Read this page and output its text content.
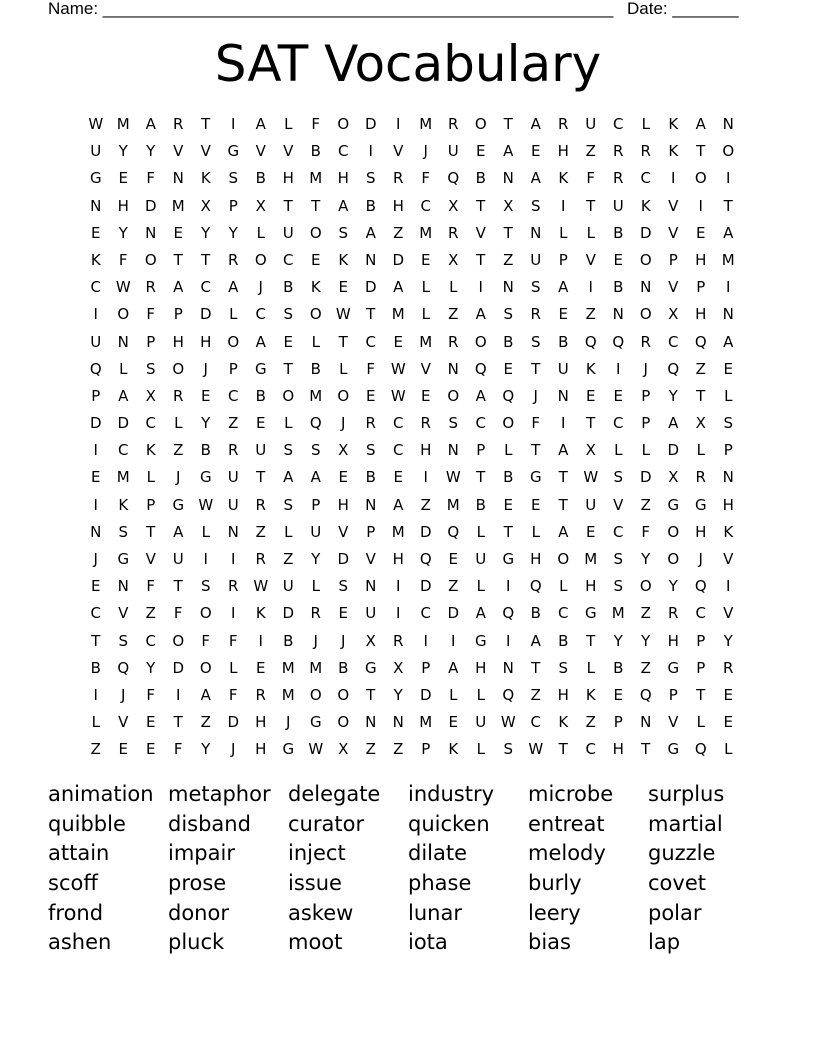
Name: ______________________________________________________ Date: _______
SAT Vocabulary
W M	A	R	T	I	A	L	F	O	D	I	M	R	O	T	A	R	U	C	L	K	A	N
U	Y	Y	V	V	G	V	V	B	C	I	V	J	U	E	A	E	H	Z	R	R	K	T	O
G	E	F	N	K	S	B	H	M	H	S	R	F	Q	B	N	A	K	F	R	C	I	O	I
N	H	D	M	X	P	X	T	T	A	B	H	C	X	T	X	S	I	T	U	K	V	I	T
E	Y	N	E	Y	Y	L	U	O	S	A	Z	M	R	V	T	N	L	L	B	D	V	E	A
K	F	O	T	T	R	O	C	E	K	N	D	E	X	T	Z	U	P	V	E	O	P	H	M
C W R	A	C	A	J	B	K	E	D	A	L	L	I	N	S	A	I	B	N	V	P	I
I	O	F	P	D	L	C	S	O W	T	M	L	Z	A	S	R	E	Z	N	O	X	H	N
U	N	P	H	H	O	A	E	L	T	C	E	M	R	O	B	S	B	Q	Q	R	C	Q	A
Q	L	S	O	J	P	G	T	B	L	F	W V	N	Q	E	T	U	K	I	J	Q	Z	E
P	A	X	R	E	C	B	O	M	O	E	W	E	O	A	Q	J	N	E	E	P	Y	T	L
D	D	C	L	Y	Z	E	L	Q	J	R	C	R	S	C	O	F	I	T	C	P	A	X	S
I	C	K	Z	B	R	U	S	S	X	S	C	H	N	P	L	T	A	X	L	L	D	L	P
E	M	L	J	G	U	T	A	A	E	B	E	I	W	T	B	G	T	W	S	D	X	R	N
I	K	P	G W U	R	S	P	H	N	A	Z	M	B	E	E	T	U	V	Z	G	G	H
N	S	T	A	L	N	Z	L	U	V	P	M	D	Q	L	T	L	A	E	C	F	O	H	K
J	G	V	U	I	I	R	Z	Y	D	V	H	Q	E	U	G	H	O	M	S	Y	O	J	V
E	N	F	T	S	R W U	L	S	N	I	D	Z	L	I	Q	L	H	S	O	Y	Q	I
C	V	Z	F	O	I	K	D	R	E	U	I	C	D	A	Q	B	C	G	M	Z	R	C	V
T	S	C	O	F	F	I	B	J	J	X	R	I	I	G	I	A	B	T	Y	Y	H	P	Y
B	Q	Y	D	O	L	E	M M	B	G	X	P	A	H	N	T	S	L	B	Z	G	P	R
I	J	F	I	A	F	R	M	O	O	T	Y	D	L	L	Q	Z	H	K	E	Q	P	T	E
L	V	E	T	Z	D	H	J	G	O	N	N	M	E	U W C	K	Z	P	N	V	L	E
Z	E	E	F	Y	J	H	G W X	Z	Z	P	K	L	S	W	T	C	H	T	G	Q	L
animation metaphor delegate	industry	microbe	surplus
quibble	disband	curator	quicken	entreat	martial
attain	impair	inject	dilate	melody	guzzle
scoff	prose	issue	phase	burly	covet
frond	donor	askew	lunar	leery	polar
ashen	pluck	moot	iota	bias	lap
